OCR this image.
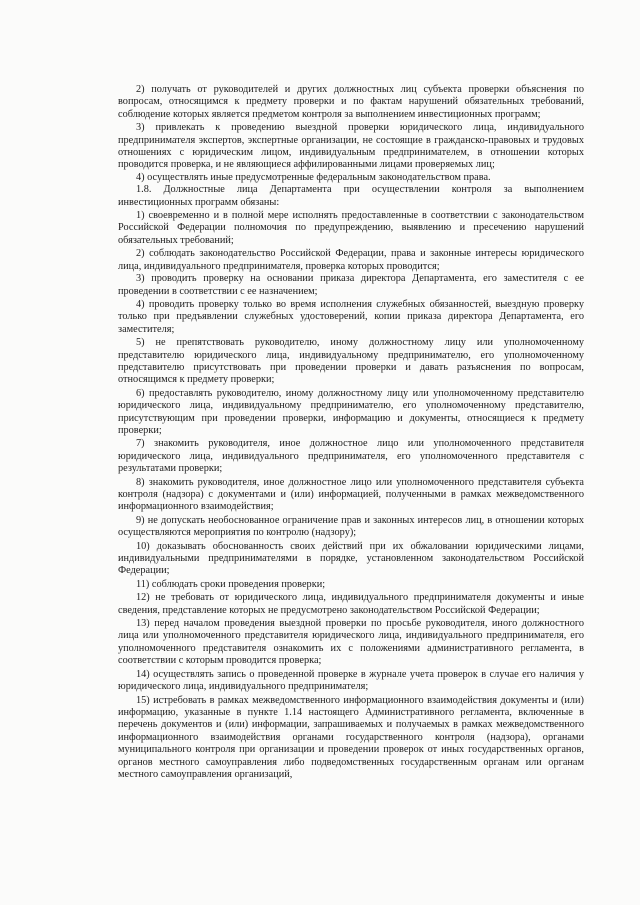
2) получать от руководителей и других должностных лиц субъекта проверки объяснения по вопросам, относящимся к предмету проверки и по фактам нарушений обязательных требований, соблюдение которых является предметом контроля за выполнением инвестиционных программ;

3) привлекать к проведению выездной проверки юридического лица, индивидуального предпринимателя экспертов, экспертные организации, не состоящие в гражданско-правовых и трудовых отношениях с юридическим лицом, индивидуальным предпринимателем, в отношении которых проводится проверка, и не являющиеся аффилированными лицами проверяемых лиц;

4) осуществлять иные предусмотренные федеральным законодательством права.

1.8. Должностные лица Департамента при осуществлении контроля за выполнением инвестиционных программ обязаны:

1) своевременно и в полной мере исполнять предоставленные в соответствии с законодательством Российской Федерации полномочия по предупреждению, выявлению и пресечению нарушений обязательных требований;

2) соблюдать законодательство Российской Федерации, права и законные интересы юридического лица, индивидуального предпринимателя, проверка которых проводится;

3) проводить проверку на основании приказа директора Департамента, его заместителя с ее проведении в соответствии с ее назначением;

4) проводить проверку только во время исполнения служебных обязанностей, выездную проверку только при предъявлении служебных удостоверений, копии приказа директора Департамента, его заместителя;

5) не препятствовать руководителю, иному должностному лицу или уполномоченному представителю юридического лица, индивидуальному предпринимателю, его уполномоченному представителю присутствовать при проведении проверки и давать разъяснения по вопросам, относящимся к предмету проверки;

6) предоставлять руководителю, иному должностному лицу или уполномоченному представителю юридического лица, индивидуальному предпринимателю, его уполномоченному представителю, присутствующим при проведении проверки, информацию и документы, относящиеся к предмету проверки;

7) знакомить руководителя, иное должностное лицо или уполномоченного представителя юридического лица, индивидуального предпринимателя, его уполномоченного представителя с результатами проверки;

8) знакомить руководителя, иное должностное лицо или уполномоченного представителя субъекта контроля (надзора) с документами и (или) информацией, полученными в рамках межведомственного информационного взаимодействия;

9) не допускать необоснованное ограничение прав и законных интересов лиц, в отношении которых осуществляются мероприятия по контролю (надзору);

10) доказывать обоснованность своих действий при их обжаловании юридическими лицами, индивидуальными предпринимателями в порядке, установленном законодательством Российской Федерации;

11) соблюдать сроки проведения проверки;

12) не требовать от юридического лица, индивидуального предпринимателя документы и иные сведения, представление которых не предусмотрено законодательством Российской Федерации;

13) перед началом проведения выездной проверки по просьбе руководителя, иного должностного лица или уполномоченного представителя юридического лица, индивидуального предпринимателя, его уполномоченного представителя ознакомить их с положениями административного регламента, в соответствии с которым проводится проверка;

14) осуществлять запись о проведенной проверке в журнале учета проверок в случае его наличия у юридического лица, индивидуального предпринимателя;

15) истребовать в рамках межведомственного информационного взаимодействия документы и (или) информацию, указанные в пункте 1.14 настоящего Административного регламента, включенные в перечень документов и (или) информации, запрашиваемых и получаемых в рамках межведомственного информационного взаимодействия органами государственного контроля (надзора), органами муниципального контроля при организации и проведении проверок от иных государственных органов, органов местного самоуправления либо подведомственных государственным органам или органам местного самоуправления организаций,
